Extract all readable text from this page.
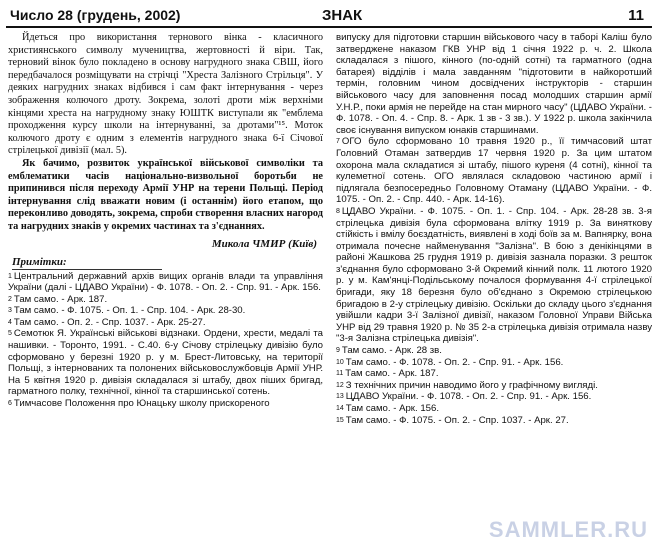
Число 28 (грудень, 2002)	ЗНАК	11

Йдеться про використання тернового вінка - класичного християнського символу мучеництва, жертовності й віри. Так, терновий вінок було покладено в основу нагрудного знака СВШ, його передбачалося розміщувати на стрічці "Хреста Залізного Стрільця". У деяких нагрудних знаках відбився і сам факт інтернування - через зображення колючого дроту. Зокрема, золоті дроти між верхніми кінцями хреста на нагрудному знаку ЮШТК виступали як "емблема проходження курсу школи на інтернуванні, за дротами"¹⁵. Моток колючого дроту є одним з елементів нагрудного знака 6-ї Січової стрілецької дивізії (мал. 5).

Як бачимо, розвиток української військової символіки та емблематики часів національно-визвольної боротьби не припинився після переходу Армії УНР на терени Польщі. Період інтернування слід вважати новим (і останнім) його етапом, що переконливо доводять, зокрема, спроби створення власних нагород та нагрудних знаків у окремих частинах та з'єднаннях.

Микола ЧМИР (Київ)
Примітки:

$^1$ Центральний державний архів вищих органів влади та управління України (далі - ЦДАВО України) - Ф. 1078. - Оп. 2. - Спр. 91. - Арк. 156.

$^2$ Там само. - Арк. 187.

$^3$ Там само. - Ф. 1075. - Оп. 1. - Спр. 104. - Арк. 28-30.

$^4$ Там само. - Оп. 2. - Спр. 1037. - Арк. 25-27.

$^5$ Семотюк Я. Українські військові відзнаки. Ордени, хрести, медалі та нашивки. - Торонто, 1991. - С.40. 6-у Січову стрілецьку дивізію було сформовано у березні 1920 р. у м. Брест-Литовську, на території Польщі, з інтернованих та полонених військовослужбовців Армії УНР. На 5 квітня 1920 р. дивізія складалася зі штабу, двох піших бригад, гарматного полку, технічної, кінної та старшинської сотень.

$^6$ Тимчасове Положення про Юнацьку школу прискореного

випуску для підготовки старшин військового часу в таборі Каліш було затверджене наказом ГКВ УНР від 1 січня 1922 р. ч. 2. Школа складалася з пішого, кінного (по-одній сотні) та гарматного (одна батарея) відділів і мала завданням "підготовити в найкоротший термін, головним чином досвідчених інструкторів - старшин військового часу для заповнення посад молодших старшин армії У.Н.Р., поки армія не перейде на стан мирного часу" (ЦДАВО України. - Ф. 1078. - Оп. 4. - Спр. 8. - Арк. 1 зв - 3 зв.). У 1922 р. школа закінчила своє існування випуском юнаків старшинами.

$^7$ ОГО було сформовано 10 травня 1920 р., її тимчасовий штат Головний Отаман затвердив 17 червня 1920 р. За цим штатом охорона мала складатися зі штабу, пішого куреня (4 сотні), кінної та кулеметної сотень. ОГО являлася складовою частиною армії і підлягала безпосередньо Головному Отаману (ЦДАВО України. - Ф. 1075. - Оп. 2. - Спр. 440. - Арк. 14-16).

$^8$ ЦДАВО України. - Ф. 1075. - Оп. 1. - Спр. 104. - Арк. 28-28 зв. 3-я стрілецька дивізія була сформована влітку 1919 р. За винятковy стійкість і вмілу боєздатність, виявлені в ході боїв за м. Вапнярку, вона отримала почесне найменування "Залізна". В бою з денікінцями в районі Жашкова 25 грудня 1919 р. дивізія зазнала поразки. З решток з'єднання було сформовано 3-й Окремий кінний полк. 11 лютого 1920 р. у м. Кам'янці-Подільському почалося формування 4-ї стрілецької бригади, яку 18 березня було об'єднано з Окремою стрілецькою бригадою в 2-у стрілецьку дивізію. Оскільки до складу цього з'єднання увійшли кадри 3-ї Залізної дивізії, наказом Головної Управи Війська УНР від 29 травня 1920 р. № 35 2-а стрілецька дивізія отримала назву "3-я Залізна стрілецька дивізія".

$^9$ Там само. - Арк. 28 зв.

$^{10}$ Там само. - Ф. 1078. - Оп. 2. - Спр. 91. - Арк. 156.

$^{11}$ Там само. - Арк. 187.

$^{12}$ З технічних причин наводимо його у графічному вигляді.

$^{13}$ ЦДАВО України. - Ф. 1078. - Оп. 2. - Спр. 91. - Арк. 156.

$^{14}$ Там само. - Арк. 156.

$^{15}$ Там само. - Ф. 1075. - Оп. 2. - Спр. 1037. - Арк. 27.

SAMMLER.RU
